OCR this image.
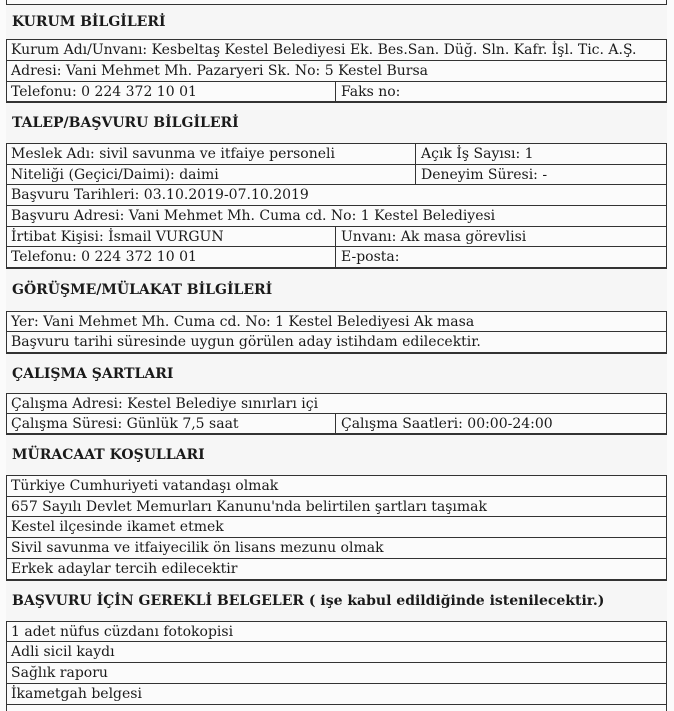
KURUM BİLGİLERİ
Kurum Adı/Unvanı: Kesbeltaş Kestel Belediyesi Ek. Bes.San. Düğ. Sln. Kafr. İşl. Tic. A.Ş.
Adresi: Vani Mehmet Mh. Pazaryeri Sk. No: 5 Kestel Bursa
Telefonu: 0 224 372 10 01	Faks no:
TALEP/BAŞVURU BİLGİLERİ
Meslek Adı: sivil savunma ve itfaiye personeli	Açık İş Sayısı: 1
Niteliği (Geçici/Daimi): daimi	Deneyim Süresi: -
Başvuru Tarihleri: 03.10.2019-07.10.2019
Başvuru Adresi: Vani Mehmet Mh. Cuma cd. No: 1 Kestel Belediyesi
İrtibat Kişisi: İsmail VURGUN	Unvanı: Ak masa görevlisi
Telefonu: 0 224 372 10 01	E-posta:
GÖRÜŞME/MÜLAKAT BİLGİLERİ
Yer: Vani Mehmet Mh. Cuma cd. No: 1 Kestel Belediyesi Ak masa
Başvuru tarihi süresinde uygun görülen aday istihdam edilecektir.
ÇALIŞMA ŞARTLARI
Çalışma Adresi: Kestel Belediye sınırları içi
Çalışma Süresi: Günlük 7,5 saat	Çalışma Saatleri: 00:00-24:00
MÜRACAAT KOŞULLARI
Türkiye Cumhuriyeti vatandaşı olmak
657 Sayılı Devlet Memurları Kanunu'nda belirtilen şartları taşımak
Kestel ilçesinde ikamet etmek
Sivil savunma ve itfaiyecilik ön lisans mezunu olmak
Erkek adaylar tercih edilecektir
BAŞVURU İÇİN GEREKLİ BELGELER ( işe kabul edildiğinde istenilecektir.)
1 adet nüfus cüzdanı fotokopisi
Adli sicil kaydı
Sağlık raporu
İkametgah belgesi
